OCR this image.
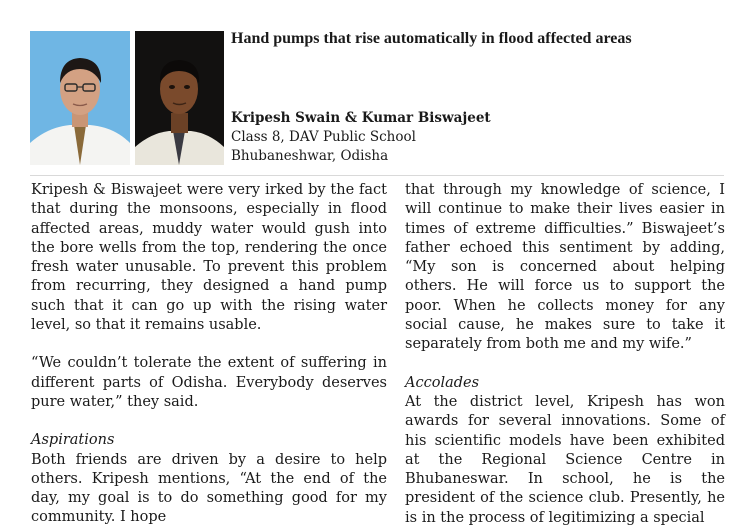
Hand pumps that rise automatically in flood affected areas
Kripesh Swain & Kumar Biswajeet
Class 8, DAV Public School
Bhubaneshwar, Odisha

Kripesh & Biswajeet were very irked by the fact that during the monsoons, especially in flood affected areas, muddy water would gush into the bore wells from the top, rendering the once fresh water unusable. To prevent this problem from recurring, they designed a hand pump such that it can go up with the rising water level, so that it remains usable.

“We couldn’t tolerate the extent of suffering in different parts of Odisha. Everybody deserves pure water,” they said.

Aspirations

Both friends are driven by a desire to help others. Kripesh mentions, “At the end of the day, my goal is to do something good for my community. I hope

that through my knowledge of science, I will continue to make their lives easier in times of extreme difficulties.” Biswajeet’s father echoed this sentiment by adding, “My son is concerned about helping others. He will force us to support the poor. When he collects money for any social cause, he makes sure to take it separately from both me and my wife.”

Accolades

At the district level, Kripesh has won awards for several innovations. Some of his scientific models have been exhibited at the Regional Science Centre in Bhubaneswar. In school, he is the president of the science club. Presently, he is in the process of legitimizing a special
